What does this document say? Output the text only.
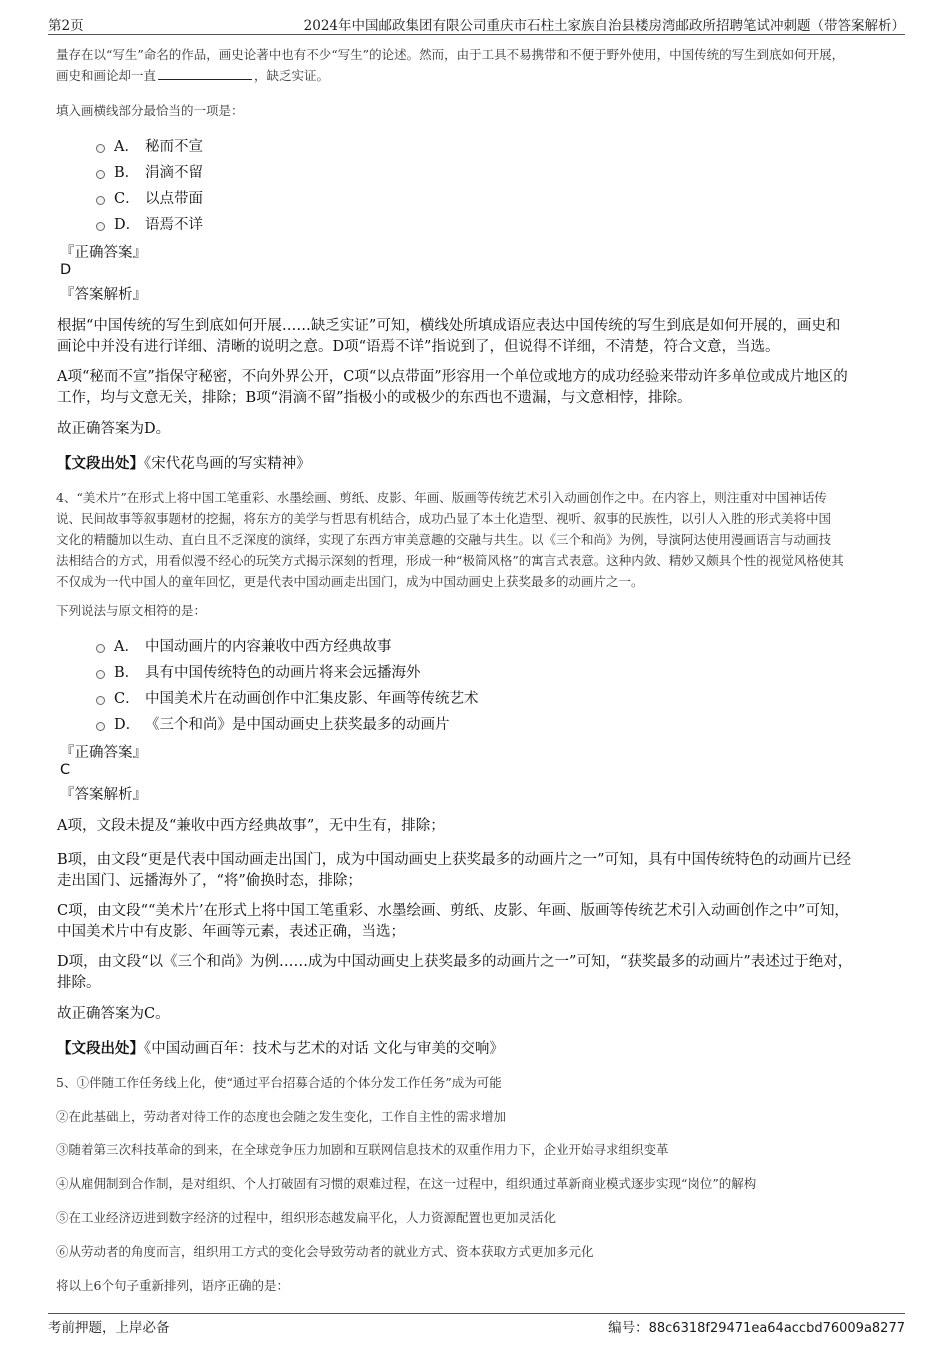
第2页	2024年中国邮政集团有限公司重庆市石柱土家族自治县楼房湾邮政所招聘笔试冲刺题（带答案解析）
量存在以“写生”命名的作品，画史论著中也有不少“写生”的论述。然而，由于工具不易携带和不便于野外使用，中国传统的写生到底如何开展，
画史和画论却一直	，缺乏实证。
填入画横线部分最恰当的一项是：
A． 秘而不宣
B． 涓滴不留
C． 以点带面
D． 语焉不详
『正确答案』
D
『答案解析』
根据“中国传统的写生到底如何开展……缺乏实证”可知，横线处所填成语应表达中国传统的写生到底是如何开展的，画史和
画论中并没有进行详细、清晰的说明之意。D项“语焉不详”指说到了，但说得不详细，不清楚，符合文意，当选。
A项“秘而不宣”指保守秘密，不向外界公开，C项“以点带面”形容用一个单位或地方的成功经验来带动许多单位或成片地区的
工作，均与文意无关，排除；B项“涓滴不留”指极小的或极少的东西也不遗漏，与文意相悖，排除。
故正确答案为D。
【文段出处】《宋代花鸟画的写实精神》
4、“美术片”在形式上将中国工笔重彩、水墨绘画、剪纸、皮影、年画、版画等传统艺术引入动画创作之中。在内容上，则注重对中国神话传
说、民间故事等叙事题材的挖掘，将东方的美学与哲思有机结合，成功凸显了本土化造型、视听、叙事的民族性，以引人入胜的形式美将中国
文化的精髓加以生动、直白且不乏深度的演绎，实现了东西方审美意趣的交融与共生。以《三个和尚》为例，导演阿达使用漫画语言与动画技
法相结合的方式，用看似漫不经心的玩笑方式揭示深刻的哲理，形成一种“极简风格”的寓言式表意。这种内敛、精妙又颇具个性的视觉风格使其
不仅成为一代中国人的童年回忆，更是代表中国动画走出国门，成为中国动画史上获奖最多的动画片之一。
下列说法与原文相符的是：
A． 中国动画片的内容兼收中西方经典故事
B． 具有中国传统特色的动画片将来会远播海外
C． 中国美术片在动画创作中汇集皮影、年画等传统艺术
D． 《三个和尚》是中国动画史上获奖最多的动画片
『正确答案』
C
『答案解析』
A项，文段未提及“兼收中西方经典故事”，无中生有，排除；
B项，由文段“更是代表中国动画走出国门，成为中国动画史上获奖最多的动画片之一”可知，具有中国传统特色的动画片已经
走出国门、远播海外了，“将”偷换时态，排除；
C项，由文段““美术片’在形式上将中国工笔重彩、水墨绘画、剪纸、皮影、年画、版画等传统艺术引入动画创作之中”可知，
中国美术片中有皮影、年画等元素，表述正确，当选；
D项，由文段“以《三个和尚》为例……成为中国动画史上获奖最多的动画片之一”可知，“获奖最多的动画片”表述过于绝对，
排除。
故正确答案为C。
【文段出处】《中国动画百年：技术与艺术的对话 文化与审美的交响》
5、①伴随工作任务线上化，使“通过平台招募合适的个体分发工作任务”成为可能
②在此基础上，劳动者对待工作的态度也会随之发生变化，工作自主性的需求增加
③随着第三次科技革命的到来，在全球竞争压力加剧和互联网信息技术的双重作用力下，企业开始寻求组织变革
④从雇佣制到合作制，是对组织、个人打破固有习惯的艰难过程，在这一过程中，组织通过革新商业模式逐步实现“岗位”的解构
⑤在工业经济迈进到数字经济的过程中，组织形态越发扁平化，人力资源配置也更加灵活化
⑥从劳动者的角度而言，组织用工方式的变化会导致劳动者的就业方式、资本获取方式更加多元化
将以上6个句子重新排列，语序正确的是：
考前押题，上岸必备	编号：88c6318f29471ea64accbd76009a8277
